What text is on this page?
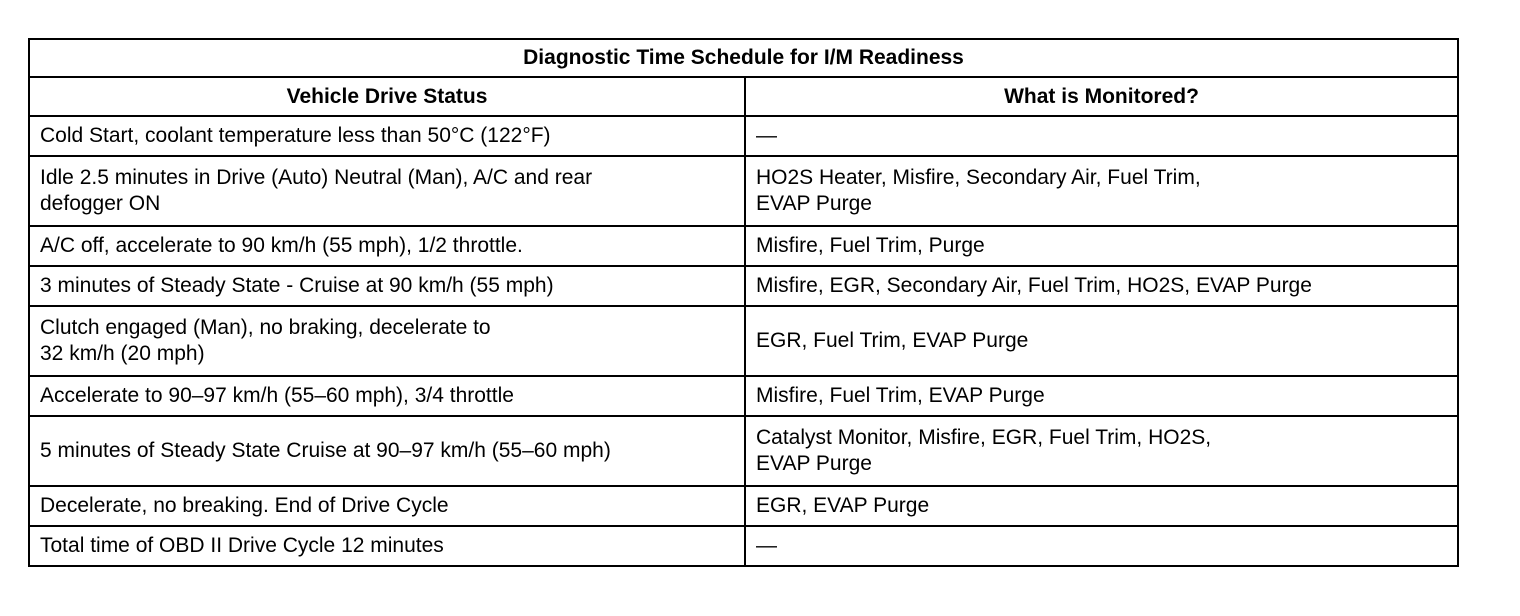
Diagnostic Time Schedule for I/M Readiness	
Vehicle Drive Status	What is Monitored?

Cold Start, coolant temperature less than 50°C (122°F)	—

Idle 2.5 minutes in Drive (Auto) Neutral (Man), A/C and rear
defogger ON	HO2S Heater, Misfire, Secondary Air, Fuel Trim,
EVAP Purge

A/C off, accelerate to 90 km/h (55 mph), 1/2 throttle.	Misfire, Fuel Trim, Purge

3 minutes of Steady State - Cruise at 90 km/h (55 mph)	Misfire, EGR, Secondary Air, Fuel Trim, HO2S, EVAP Purge

Clutch engaged (Man), no braking, decelerate to
32 km/h (20 mph)	EGR, Fuel Trim, EVAP Purge

Accelerate to 90–97 km/h (55–60 mph), 3/4 throttle	Misfire, Fuel Trim, EVAP Purge

5 minutes of Steady State Cruise at 90–97 km/h (55–60 mph)	Catalyst Monitor, Misfire, EGR, Fuel Trim, HO2S,
EVAP Purge

Decelerate, no breaking. End of Drive Cycle	EGR, EVAP Purge

Total time of OBD II Drive Cycle 12 minutes	—
